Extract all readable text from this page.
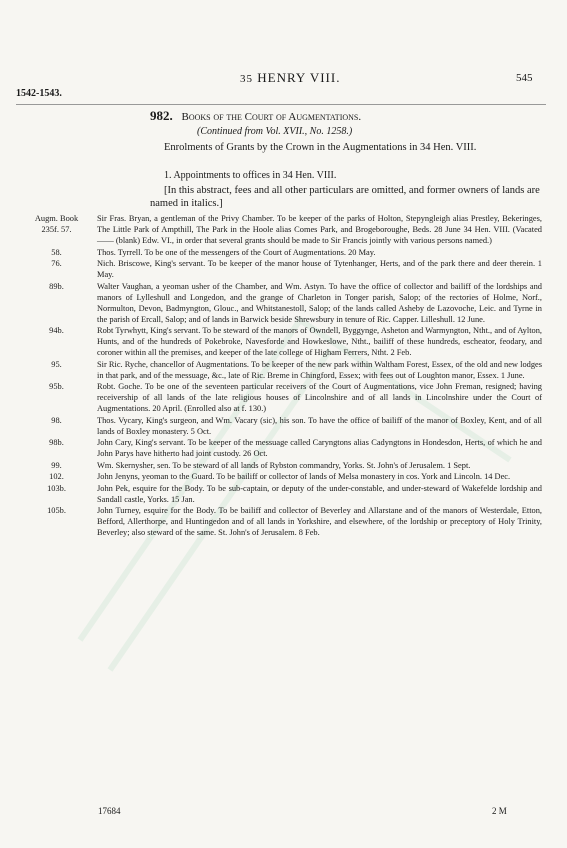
35 HENRY VIII.	545
1542-1543.
982. Books of the Court of Augmentations.
(Continued from Vol. XVII., No. 1258.)
Enrolments of Grants by the Crown in the Augmentations in 34 Hen. VIII.
1. Appointments to offices in 34 Hen. VIII.
[In this abstract, fees and all other particulars are omitted, and former owners of lands are named in italics.]
Augm. Book
235f. 57.
Sir Fras. Bryan, a gentleman of the Privy Chamber. To be keeper of the parks of Holton, Stepyngleigh alias Prestley, Bekeringes, The Little Park of Ampthill, The Park in the Hoole alias Comes Park, and Brogeboroughe, Beds. 28 June 34 Hen. VIII. (Vacated—— (blank) Edw. VI., in order that several grants should be made to Sir Francis jointly with various persons named.)
58.	Thos. Tyrrell. To be one of the messengers of the Court of Augmentations. 20 May.
76.	Nich. Briscowe, King's servant. To be keeper of the manor house of Tytenhanger, Herts, and of the park there and deer therein. 1 May.
89b.	Walter Vaughan, a yeoman usher of the Chamber, and Wm. Astyn. To have the office of collector and bailiff of the lordships and manors of Lylleshull and Longedon, and the grange of Charleton in Tonger parish, Salop; of the rectories of Holme, Norf., Normulton, Devon, Badmyngton, Glouc., and Whitstanestoll, Salop; of the lands called Asheby de Lazovoche, Leic. and Tyrne in the parish of Ercall, Salop; and of lands in Barwick beside Shrewsbury in tenure of Ric. Capper. Lilleshull. 12 June.
94b.	Robt Tyrwhytt, King's servant. To be steward of the manors of Owndell, Byggynge, Asheton and Warmyngton, Ntht., and of Aylton, Hunts, and of the hundreds of Pokebroke, Navesforde and Howkeslowe, Ntht., bailiff of these hundreds, escheator, feodary, and coroner within all the premises, and keeper of the late college of Higham Ferrers, Ntht. 2 Feb.
95.	Sir Ric. Ryche, chancellor of Augmentations. To be keeper of the new park within Waltham Forest, Essex, of the old and new lodges in that park, and of the messuage, &c., late of Ric. Breme in Chingford, Essex; with fees out of Loughton manor, Essex. 1 June.
95b.	Robt. Goche. To be one of the seventeen particular receivers of the Court of Augmentations, vice John Freman, resigned; having receivership of all lands of the late religious houses of Lincolnshire and of all lands in Lincolnshire under the Court of Augmentations. 20 April. (Enrolled also at f. 130.)
98.	Thos. Vycary, King's surgeon, and Wm. Vacary (sic), his son. To have the office of bailiff of the manor of Boxley, Kent, and of all lands of Boxley monastery. 5 Oct.
98b.	John Cary, King's servant. To be keeper of the messuage called Caryngtons alias Cadyngtons in Hondesdon, Herts, of which he and John Parys have hitherto had joint custody. 26 Oct.
99.	Wm. Skernysher, sen. To be steward of all lands of Rybston commandry, Yorks. St. John's of Jerusalem. 1 Sept.
102.	John Jenyns, yeoman to the Guard. To be bailiff or collector of lands of Melsa monastery in cos. York and Lincoln. 14 Dec.
103b.	John Pek, esquire for the Body. To be sub-captain, or deputy of the under-constable, and under-steward of Wakefelde lordship and Sandall castle, Yorks. 15 Jan.
105b.	John Turney, esquire for the Body. To be bailiff and collector of Beverley and Allarstane and of the manors of Westerdale, Etton, Befford, Allerthorpe, and Huntingedon and of all lands in Yorkshire, and elsewhere, of the lordship or preceptory of Holy Trinity, Beverley; also steward of the same. St. John's of Jerusalem. 8 Feb.
17684	2 M
